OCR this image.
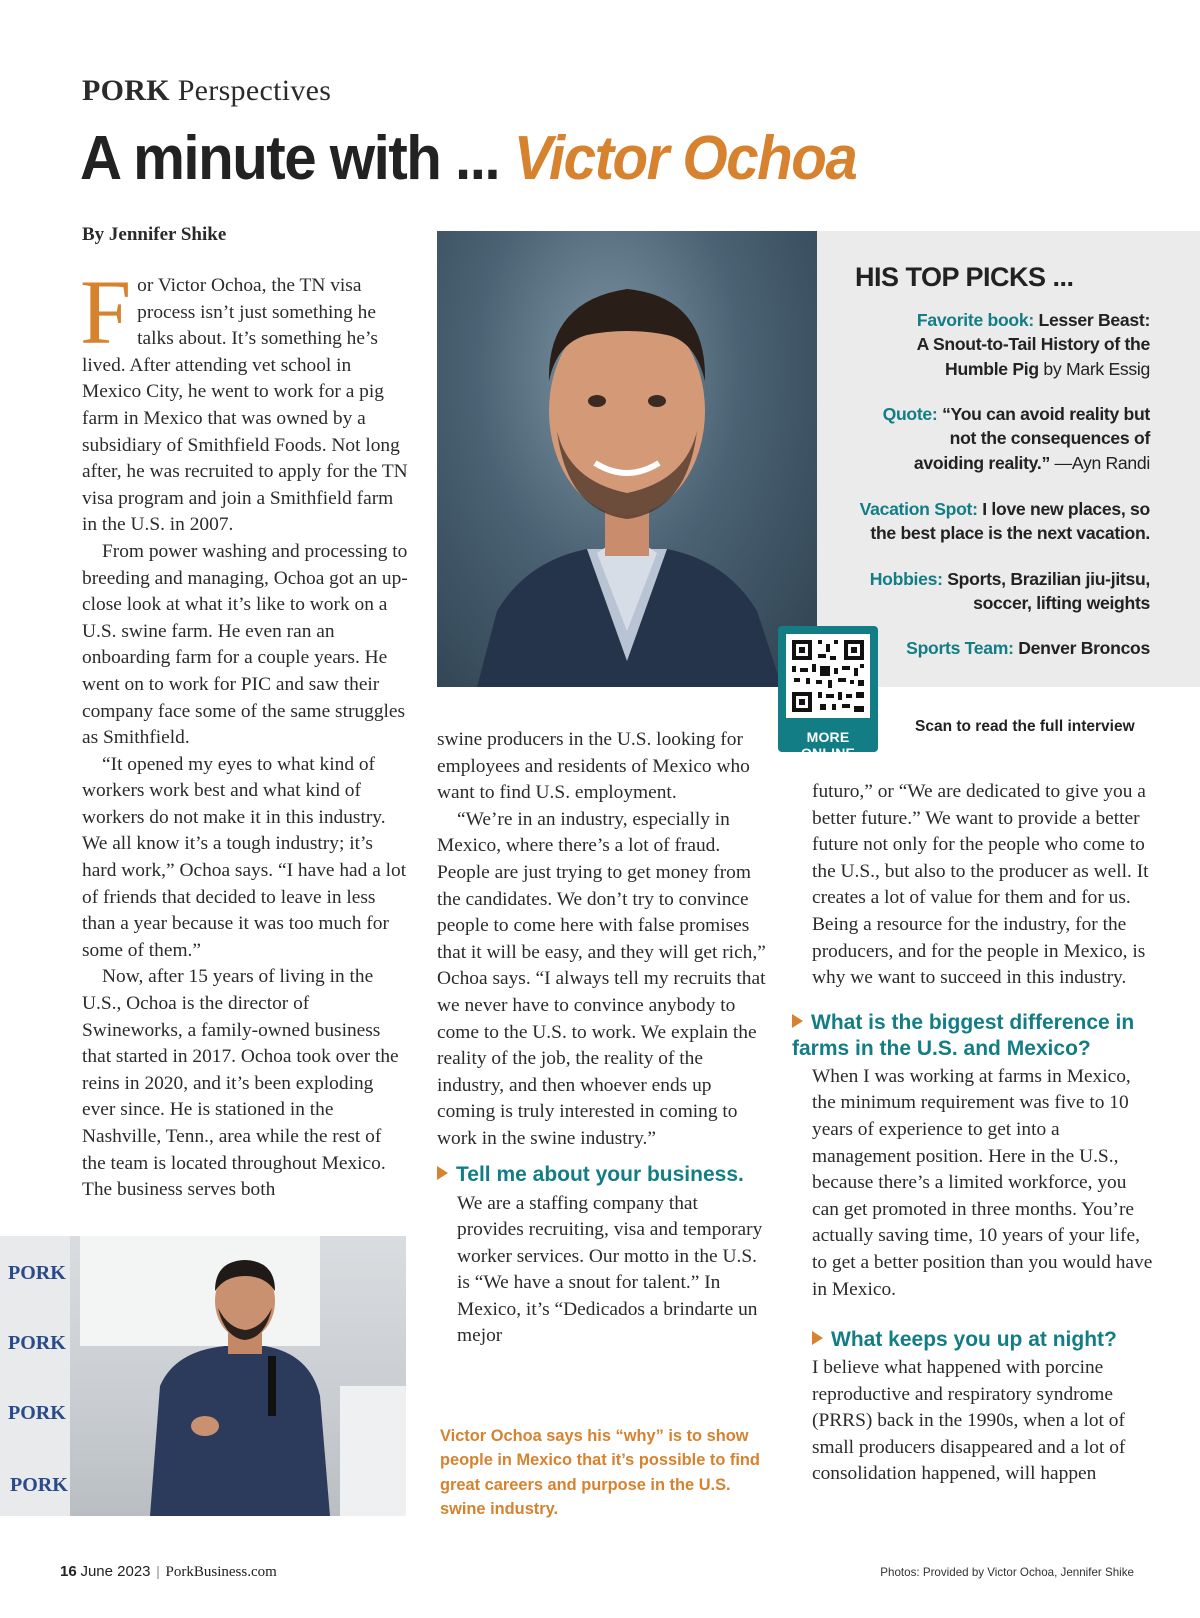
PORK Perspectives
A minute with ... Victor Ochoa
By Jennifer Shike

For Victor Ochoa, the TN visa process isn’t just something he talks about. It’s something he’s lived. After attending vet school in Mexico City, he went to work for a pig farm in Mexico that was owned by a subsidiary of Smithfield Foods. Not long after, he was recruited to apply for the TN visa program and join a Smithfield farm in the U.S. in 2007.

From power washing and processing to breeding and managing, Ochoa got an up-close look at what it’s like to work on a U.S. swine farm. He even ran an onboarding farm for a couple years. He went on to work for PIC and saw their company face some of the same struggles as Smithfield.

“It opened my eyes to what kind of workers work best and what kind of workers do not make it in this industry. We all know it’s a tough industry; it’s hard work,” Ochoa says. “I have had a lot of friends that decided to leave in less than a year because it was too much for some of them.”

Now, after 15 years of living in the U.S., Ochoa is the director of Swineworks, a family-owned business that started in 2017. Ochoa took over the reins in 2020, and it’s been exploding ever since. He is stationed in the Nashville, Tenn., area while the rest of the team is located throughout Mexico. The business serves both

HIS TOP PICKS ...
Favorite book: Lesser Beast:
A Snout-to-Tail History of the
Humble Pig by Mark Essig
Quote: “You can avoid reality but
not the consequences of
avoiding reality.” —Ayn Randi
Vacation Spot: I love new places, so
the best place is the next vacation.
Hobbies: Sports, Brazilian jiu-jitsu,
soccer, lifting weights
Sports Team: Denver Broncos
MORE ONLINE
Scan to read the full interview

swine producers in the U.S. looking for employees and residents of Mexico who want to find U.S. employment.

“We’re in an industry, especially in Mexico, where there’s a lot of fraud. People are just trying to get money from the candidates. We don’t try to convince people to come here with false promises that it will be easy, and they will get rich,” Ochoa says. “I always tell my recruits that we never have to convince anybody to come to the U.S. to work. We explain the reality of the job, the reality of the industry, and then whoever ends up coming is truly interested in coming to work in the swine industry.”

Tell me about your business.

We are a staffing company that provides recruiting, visa and temporary worker services. Our motto in the U.S. is “We have a snout for talent.” In Mexico, it’s “Dedicados a brindarte un mejor

futuro,” or “We are dedicated to give you a better future.” We want to provide a better future not only for the people who come to the U.S., but also to the producer as well. It creates a lot of value for them and for us. Being a resource for the industry, for the producers, and for the people in Mexico, is why we want to succeed in this industry.

What is the biggest difference in farms in the U.S. and Mexico?

When I was working at farms in Mexico, the minimum requirement was five to 10 years of experience to get into a management position. Here in the U.S., because there’s a limited workforce, you can get promoted in three months. You’re actually saving time, 10 years of your life, to get a better position than you would have in Mexico.

What keeps you up at night?

I believe what happened with porcine reproductive and respiratory syndrome (PRRS) back in the 1990s, when a lot of small producers disappeared and a lot of consolidation happened, will happen

PORK
PORK
PORK
PORK
Victor Ochoa says his “why” is to show people in Mexico that it’s possible to find great careers and purpose in the U.S. swine industry.
16 June 2023 | PorkBusiness.com	Photos: Provided by Victor Ochoa, Jennifer Shike
